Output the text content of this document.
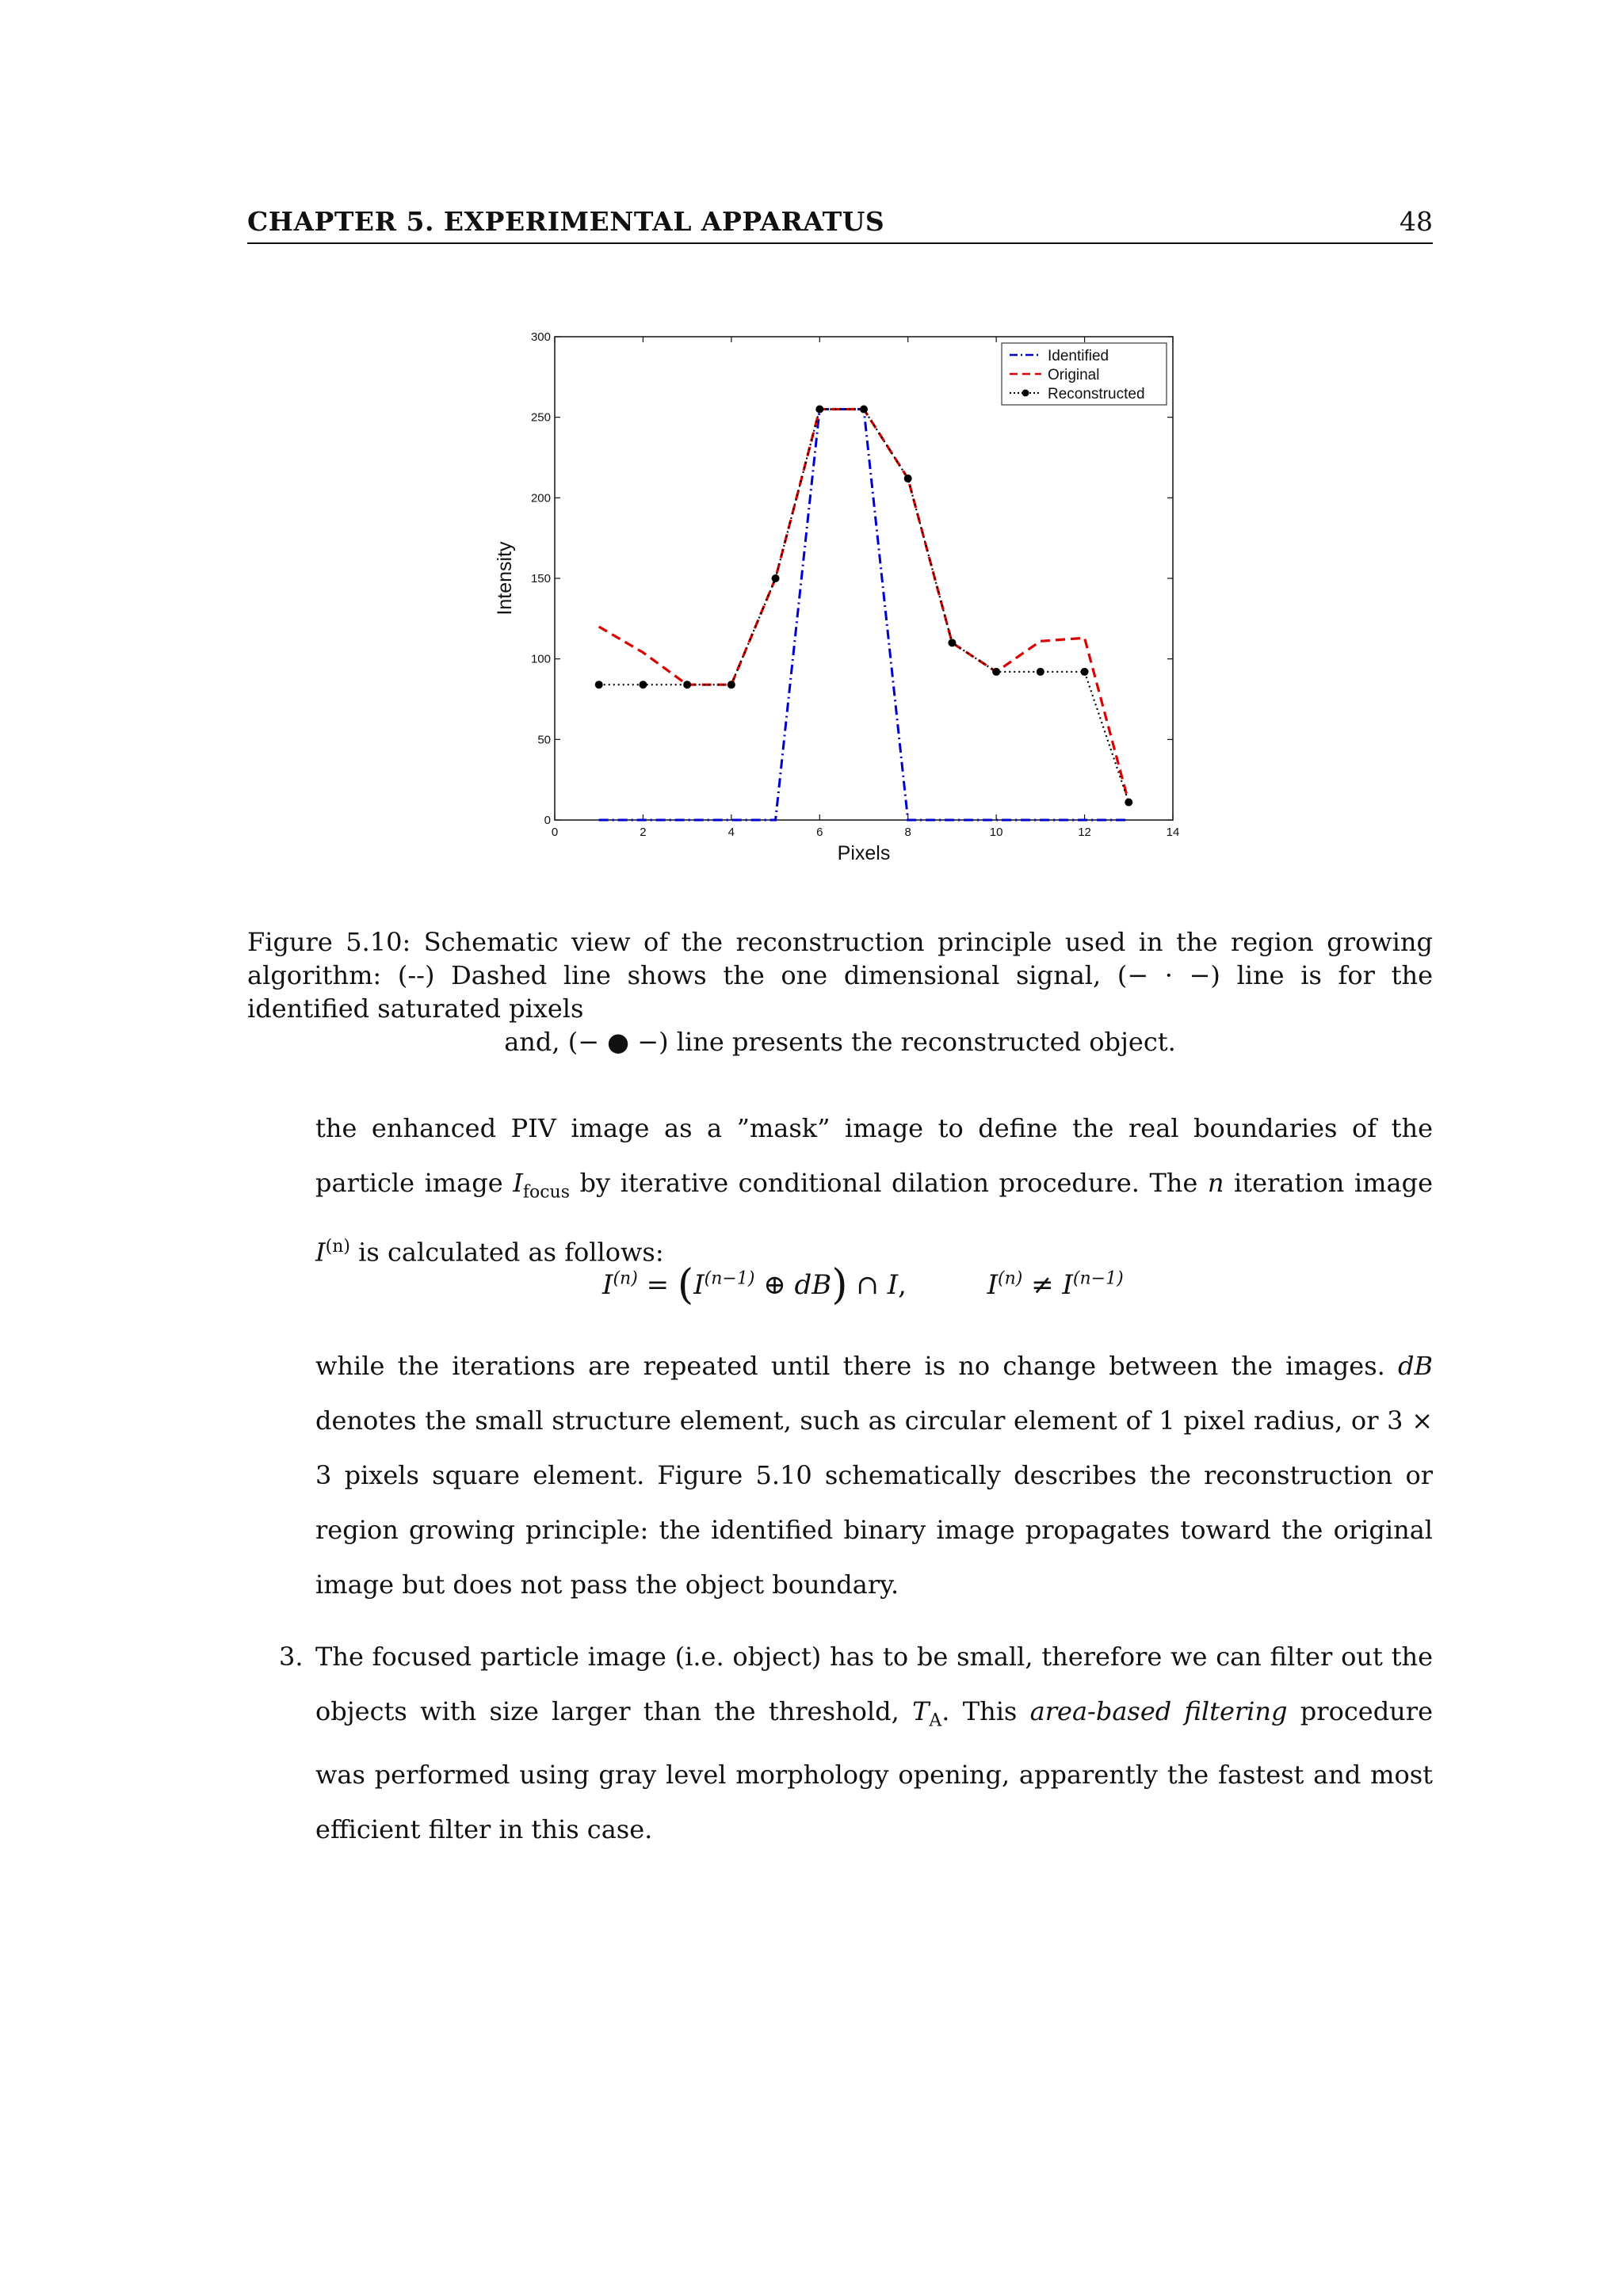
CHAPTER 5. EXPERIMENTAL APPARATUS	48
0	2	4	6	8	10	12	14
0
50
100
150
200
250
300
Pixels
Intensity
Identified
Original
Reconstructed
Figure 5.10: Schematic view of the reconstruction principle used in the region growing algorithm: (--) Dashed line shows the one dimensional signal, (− · −) line is for the identified saturated pixels
and, (− ● −) line presents the reconstructed object.
the enhanced PIV image as a ”mask” image to define the real boundaries of the particle image $I_{focus}$ by iterative conditional dilation procedure. The n iteration image $I^{(n)}$ is calculated as follows:
$I^{(n)} = (I^{(n-1)}$ ⊕ dB) ∩ I,	$I^{(n)} \ne I^{(n-1)}$
while the iterations are repeated until there is no change between the images. dB denotes the small structure element, such as circular element of 1 pixel radius, or 3 × 3 pixels square element. Figure 5.10 schematically describes the reconstruction or region growing principle: the identified binary image propagates toward the original image but does not pass the object boundary.
3. The focused particle image (i.e. object) has to be small, therefore we can filter out the objects with size larger than the threshold, $T_A$. This area-based filtering procedure was performed using gray level morphology opening, apparently the fastest and most efficient filter in this case.
